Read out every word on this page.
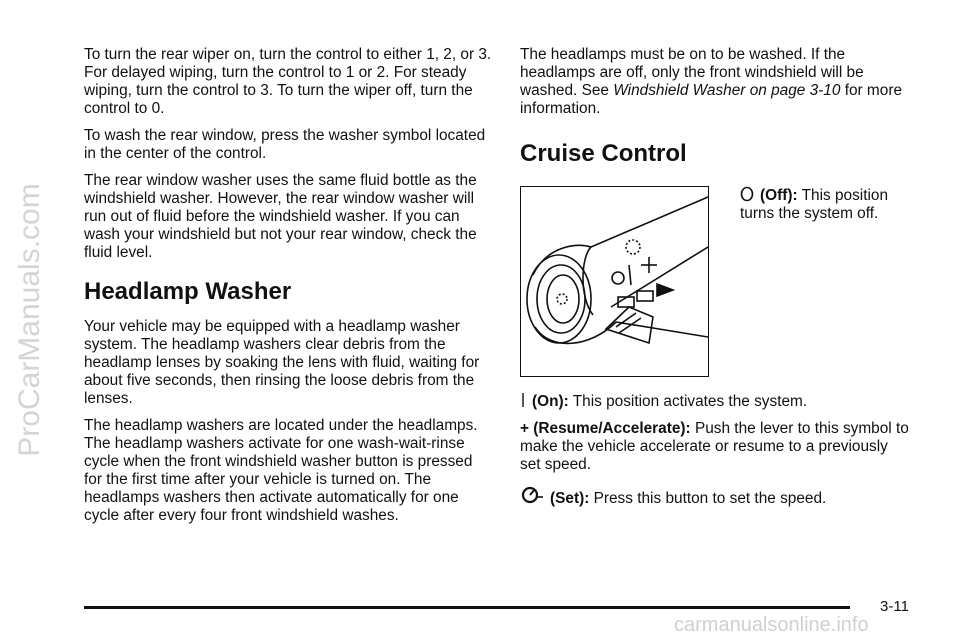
ProCarManuals.com

To turn the rear wiper on, turn the control to either 1, 2, or 3. For delayed wiping, turn the control to 1 or 2. For steady wiping, turn the control to 3. To turn the wiper off, turn the control to 0.

To wash the rear window, press the washer symbol located in the center of the control.

The rear window washer uses the same fluid bottle as the windshield washer. However, the rear window washer will run out of fluid before the windshield washer. If you can wash your windshield but not your rear window, check the fluid level.

Headlamp Washer

Your vehicle may be equipped with a headlamp washer system. The headlamp washers clear debris from the headlamp lenses by soaking the lens with fluid, waiting for about five seconds, then rinsing the loose debris from the lenses.

The headlamp washers are located under the headlamps. The headlamp washers activate for one wash-wait-rinse cycle when the front windshield washer button is pressed for the first time after your vehicle is turned on. The headlamps washers then activate automatically for one cycle after every four front windshield washes.

The headlamps must be on to be washed. If the headlamps are off, only the front windshield will be washed. See Windshield Washer on page 3-10 for more information.

Cruise Control

(Off): This position turns the system off.

(On): This position activates the system.

+ (Resume/Accelerate): Push the lever to this symbol to make the vehicle accelerate or resume to a previously set speed.

(Set): Press this button to set the speed.

3-11
carmanualsonline.info
